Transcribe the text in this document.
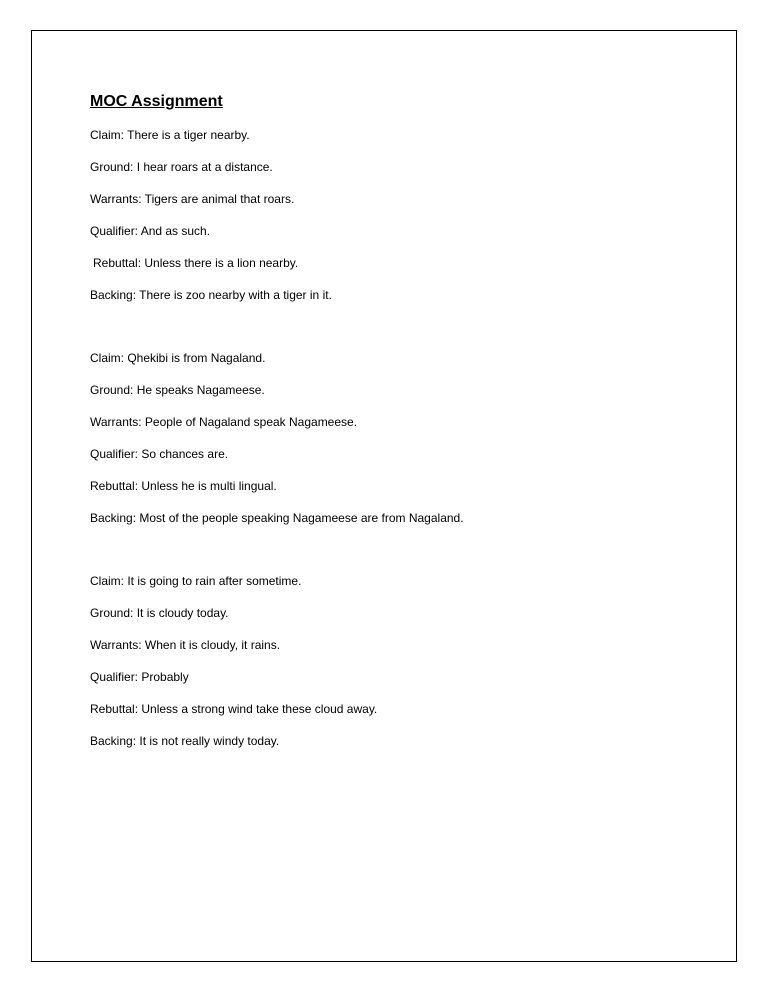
MOC Assignment

Claim: There is a tiger nearby.

Ground: I hear roars at a distance.

Warrants: Tigers are animal that roars.

Qualifier: And as such.

Rebuttal: Unless there is a lion nearby.

Backing: There is zoo nearby with a tiger in it.

Claim: Qhekibi is from Nagaland.

Ground: He speaks Nagameese.

Warrants: People of Nagaland speak Nagameese.

Qualifier: So chances are.

Rebuttal: Unless he is multi lingual.

Backing: Most of the people speaking Nagameese are from Nagaland.

Claim: It is going to rain after sometime.

Ground: It is cloudy today.

Warrants: When it is cloudy, it rains.

Qualifier: Probably

Rebuttal: Unless a strong wind take these cloud away.

Backing: It is not really windy today.
